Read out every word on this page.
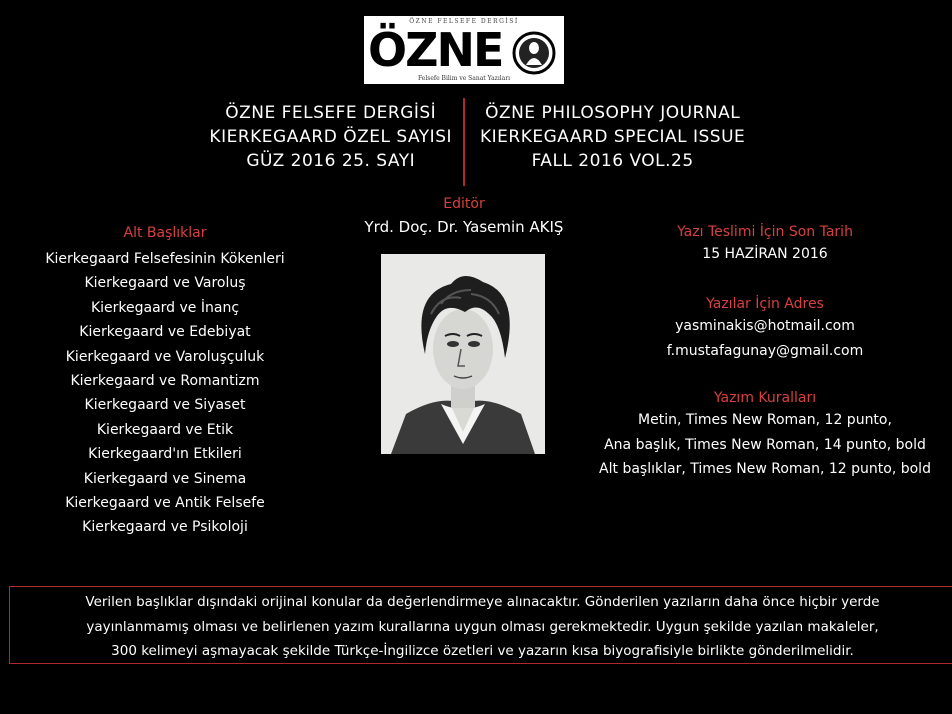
ÖZNE FELSEFE DERGİSİ
ÖZNE
Felsefe Bilim ve Sanat Yazıları
ÖZNE FELSEFE DERGİSİ
KIERKEGAARD ÖZEL SAYISI
GÜZ 2016 25. SAYI
ÖZNE PHILOSOPHY JOURNAL
KIERKEGAARD SPECIAL ISSUE
FALL 2016 VOL.25
Editör
Yrd. Doç. Dr. Yasemin AKIŞ
Alt Başlıklar
Kierkegaard Felsefesinin Kökenleri
Kierkegaard ve Varoluş
Kierkegaard ve İnanç
Kierkegaard ve Edebiyat
Kierkegaard ve Varoluşçuluk
Kierkegaard ve Romantizm
Kierkegaard ve Siyaset
Kierkegaard ve Etik
Kierkegaard'ın Etkileri
Kierkegaard ve Sinema
Kierkegaard ve Antik Felsefe
Kierkegaard ve Psikoloji
Yazı Teslimi İçin Son Tarih
15 HAZİRAN 2016
Yazılar İçin Adres
yasminakis@hotmail.com
f.mustafagunay@gmail.com
Yazım Kuralları
Metin, Times New Roman, 12 punto,
Ana başlık, Times New Roman, 14 punto, bold
Alt başlıklar, Times New Roman, 12 punto, bold
Verilen başlıklar dışındaki orijinal konular da değerlendirmeye alınacaktır. Gönderilen yazıların daha önce hiçbir yerde
yayınlanmamış olması ve belirlenen yazım kurallarına uygun olması gerekmektedir. Uygun şekilde yazılan makaleler,
300 kelimeyi aşmayacak şekilde Türkçe-İngilizce özetleri ve yazarın kısa biyografisiyle birlikte gönderilmelidir.
